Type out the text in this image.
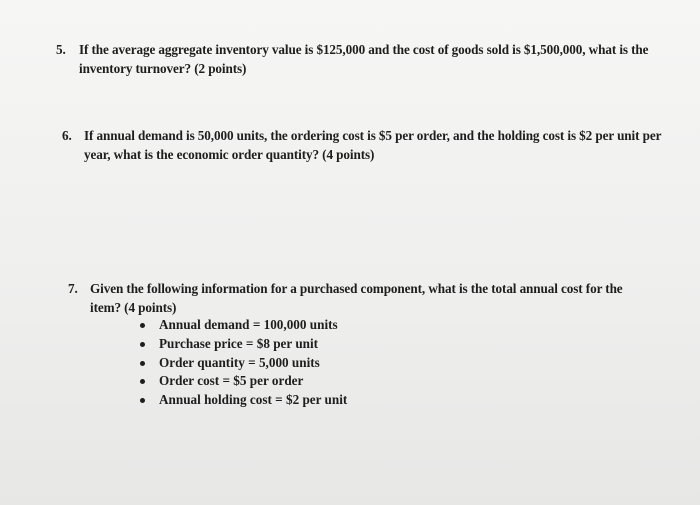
5.	If the average aggregate inventory value is $125,000 and the cost of goods sold is $1,500,000, what is the inventory turnover? (2 points)
6. If annual demand is 50,000 units, the ordering cost is $5 per order, and the holding cost is $2 per unit per year, what is the economic order quantity? (4 points)
7. Given the following information for a purchased component, what is the total annual cost for the item? (4 points)
Annual demand = 100,000 units
Purchase price = $8 per unit
Order quantity = 5,000 units
Order cost = $5 per order
Annual holding cost = $2 per unit
